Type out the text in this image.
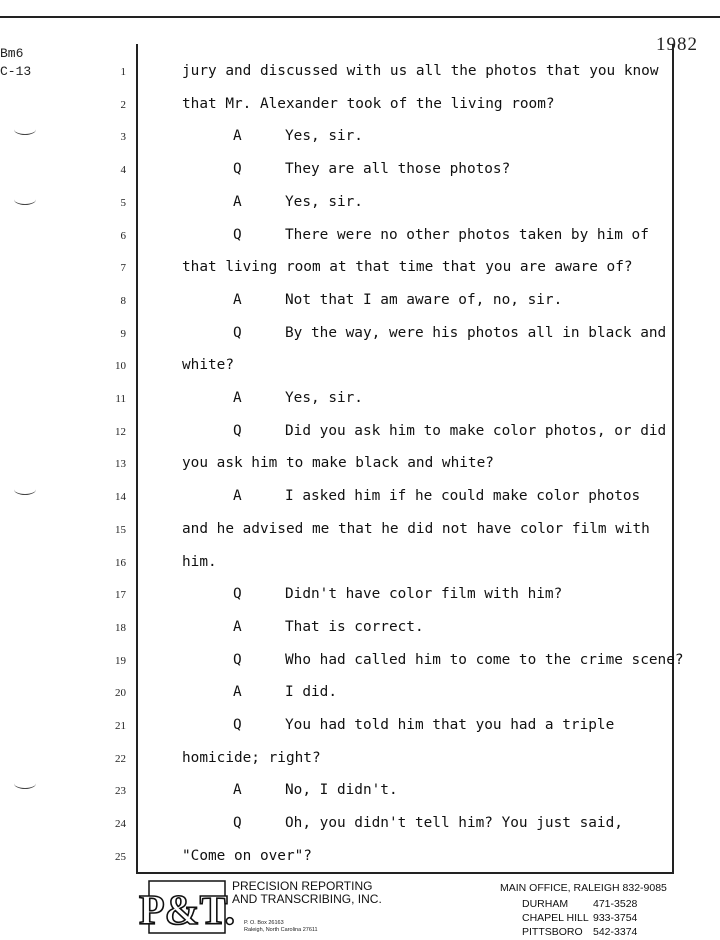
Bm6
C-13
1982
1	jury and discussed with us all the photos that you know
2	that Mr. Alexander took of the living room?
3	A	Yes, sir.
4	Q	They are all those photos?
5	A	Yes, sir.
6	Q	There were no other photos taken by him of
7	that living room at that time that you are aware of?
8	A	Not that I am aware of, no, sir.
9	Q	By the way, were his photos all in black and
10	white?
11	A	Yes, sir.
12	Q	Did you ask him to make color photos, or did
13	you ask him to make black and white?
14	A	I asked him if he could make color photos
15	and he advised me that he did not have color film with
16	him.
17	Q	Didn't have color film with him?
18	A	That is correct.
19	Q	Who had called him to come to the crime scene?
20	A	I did.
21	Q	You had told him that you had a triple
22	homicide; right?
23	A	No, I didn't.
24	Q	Oh, you didn't tell him? You just said,
25	"Come on over"?
P&T.
PRECISION REPORTING
AND TRANSCRIBING, INC.
P. O. Box 26163
Raleigh, North Carolina 27611
MAIN OFFICE, RALEIGH 832-9085
DURHAM 471-3528
CHAPEL HILL 933-3754
PITTSBORO 542-3374
